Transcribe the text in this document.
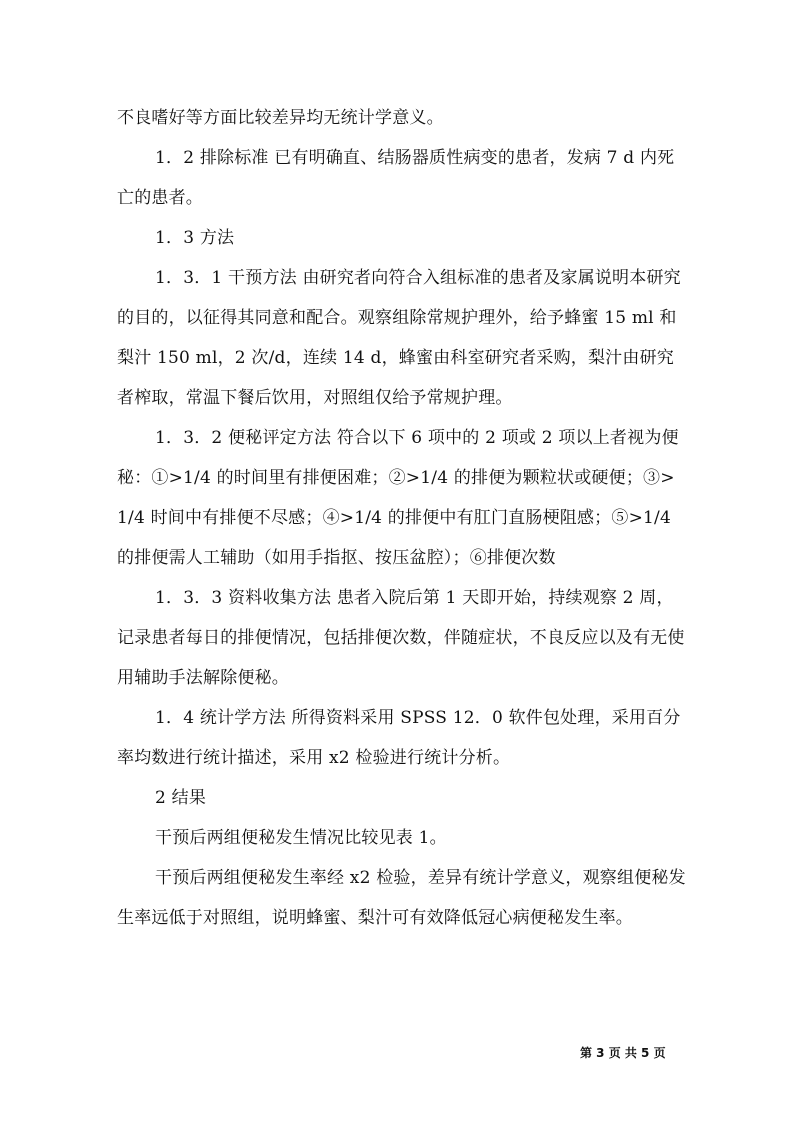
不良嗜好等方面比较差异均无统计学意义。

1．2 排除标准 已有明确直、结肠器质性病变的患者，发病 7 d 内死亡的患者。

1．3 方法

1．3．1 干预方法 由研究者向符合入组标准的患者及家属说明本研究的目的，以征得其同意和配合。观察组除常规护理外，给予蜂蜜 15 ml 和梨汁 150 ml，2 次/d，连续 14 d，蜂蜜由科室研究者采购，梨汁由研究者榨取，常温下餐后饮用，对照组仅给予常规护理。

1．3．2 便秘评定方法 符合以下 6 项中的 2 项或 2 项以上者视为便秘：①>1/4 的时间里有排便困难；②>1/4 的排便为颗粒状或硬便；③>1/4 时间中有排便不尽感；④>1/4 的排便中有肛门直肠梗阻感；⑤>1/4 的排便需人工辅助（如用手指抠、按压盆腔）；⑥排便次数

1．3．3 资料收集方法 患者入院后第 1 天即开始，持续观察 2 周，记录患者每日的排便情况，包括排便次数，伴随症状，不良反应以及有无使用辅助手法解除便秘。

1．4 统计学方法 所得资料采用 SPSS 12．0 软件包处理，采用百分率均数进行统计描述，采用 x2 检验进行统计分析。

2 结果

干预后两组便秘发生情况比较见表 1。

干预后两组便秘发生率经 x2 检验，差异有统计学意义，观察组便秘发生率远低于对照组，说明蜂蜜、梨汁可有效降低冠心病便秘发生率。

第 3 页 共 5 页
